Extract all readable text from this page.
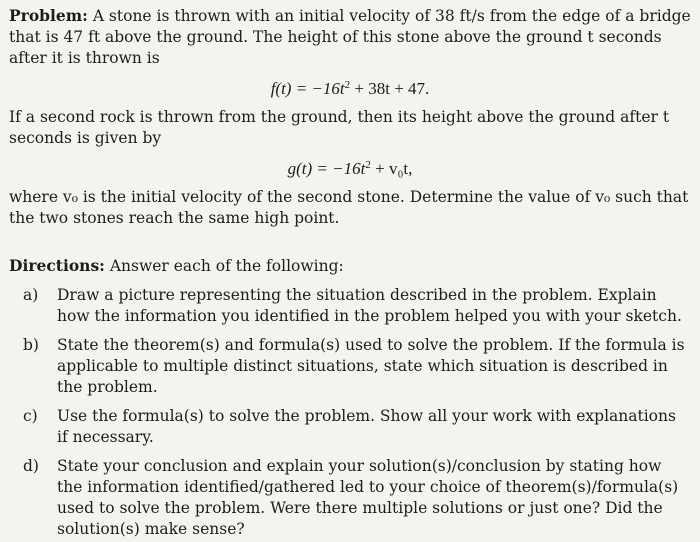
Problem: A stone is thrown with an initial velocity of 38 ft/s from the edge of a bridge that is 47 ft above the ground. The height of this stone above the ground t seconds after it is thrown is

$f(t) = -16t^2 + 38t + 47$.

If a second rock is thrown from the ground, then its height above the ground after t seconds is given by

$g(t) = -16t^2 + v_0t$,

where v₀ is the initial velocity of the second stone. Determine the value of v₀ such that the two stones reach the same high point.

Directions: Answer each of the following:

a) Draw a picture representing the situation described in the problem. Explain how the information you identified in the problem helped you with your sketch.
b) State the theorem(s) and formula(s) used to solve the problem. If the formula is applicable to multiple distinct situations, state which situation is described in the problem.
c) Use the formula(s) to solve the problem. Show all your work with explanations if necessary.
d) State your conclusion and explain your solution(s)/conclusion by stating how the information identified/gathered led to your choice of theorem(s)/formula(s) used to solve the problem. Were there multiple solutions or just one? Did the solution(s) make sense?
